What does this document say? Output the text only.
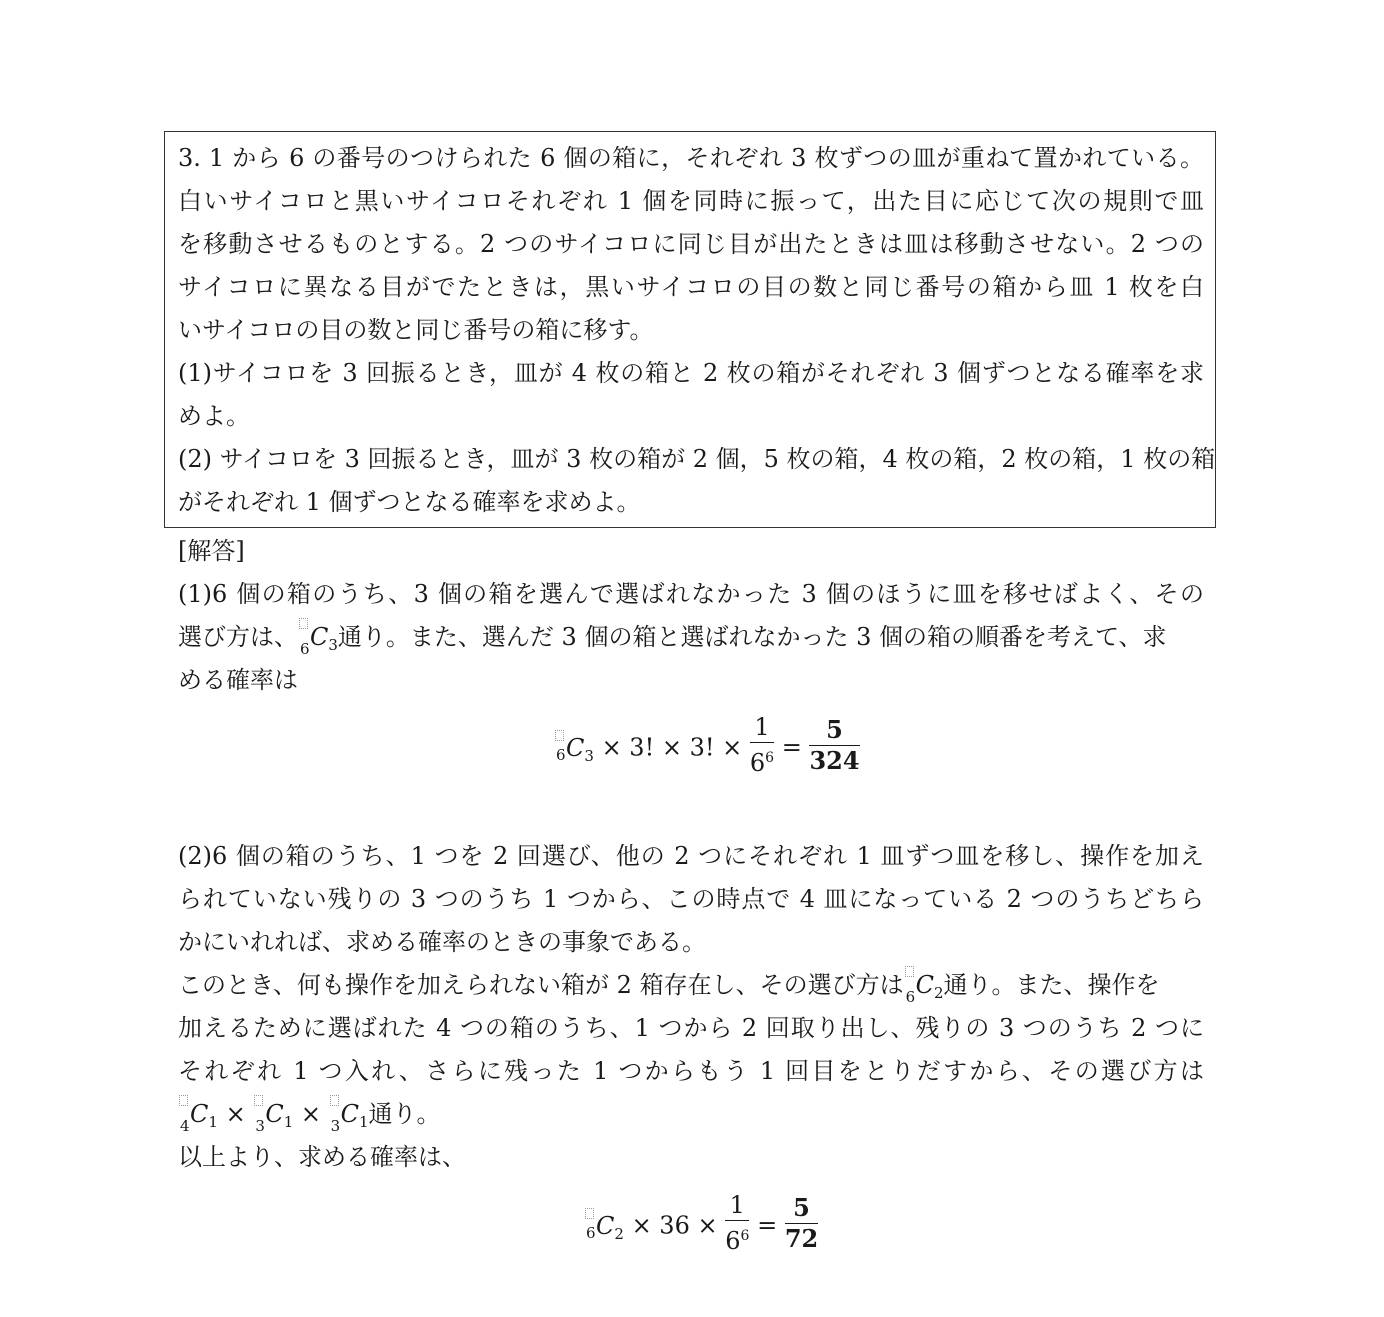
3. 1 から 6 の番号のつけられた 6 個の箱に，それぞれ 3 枚ずつの皿が重ねて置かれている。
白いサイコロと黒いサイコロそれぞれ 1 個を同時に振って，出た目に応じて次の規則で皿
を移動させるものとする。2 つのサイコロに同じ目が出たときは皿は移動させない。2 つの
サイコロに異なる目がでたときは，黒いサイコロの目の数と同じ番号の箱から皿 1 枚を白
いサイコロの目の数と同じ番号の箱に移す。
(1)サイコロを 3 回振るとき，皿が 4 枚の箱と 2 枚の箱がそれぞれ 3 個ずつとなる確率を求
めよ。
(2) サイコロを 3 回振るとき，皿が 3 枚の箱が 2 個，5 枚の箱，4 枚の箱，2 枚の箱，1 枚の箱
がそれぞれ 1 個ずつとなる確率を求めよ。
[解答]
(1)6 個の箱のうち、3 個の箱を選んで選ばれなかった 3 個のほうに皿を移せばよく、その
選び方は、 6 $C_3$通り。また、選んだ 3 個の箱と選ばれなかった 3 個の箱の順番を考えて、求
める確率は
6 $C_3 \times 3$! × 3! × $\frac{1}{6^6} = \frac{5}{324}$
(2)6 個の箱のうち、1 つを 2 回選び、他の 2 つにそれぞれ 1 皿ずつ皿を移し、操作を加え
られていない残りの 3 つのうち 1 つから、この時点で 4 皿になっている 2 つのうちどちら
かにいれれば、求める確率のときの事象である。
このとき、何も操作を加えられない箱が 2 箱存在し、その選び方は 6 $C_2$通り。また、操作を
加えるために選ばれた 4 つの箱のうち、1 つから 2 回取り出し、残りの 3 つのうち 2 つに
それぞれ 1 つ入れ、さらに残った 1 つからもう 1 回目をとりだすから、その選び方は
4 $C_1 \times 3$ $C_1 \times 3$ $C_1$通り。
以上より、求める確率は、
6 $C_2 \times 36 \times \frac{1}{6^6} = \frac{5}{72}$
